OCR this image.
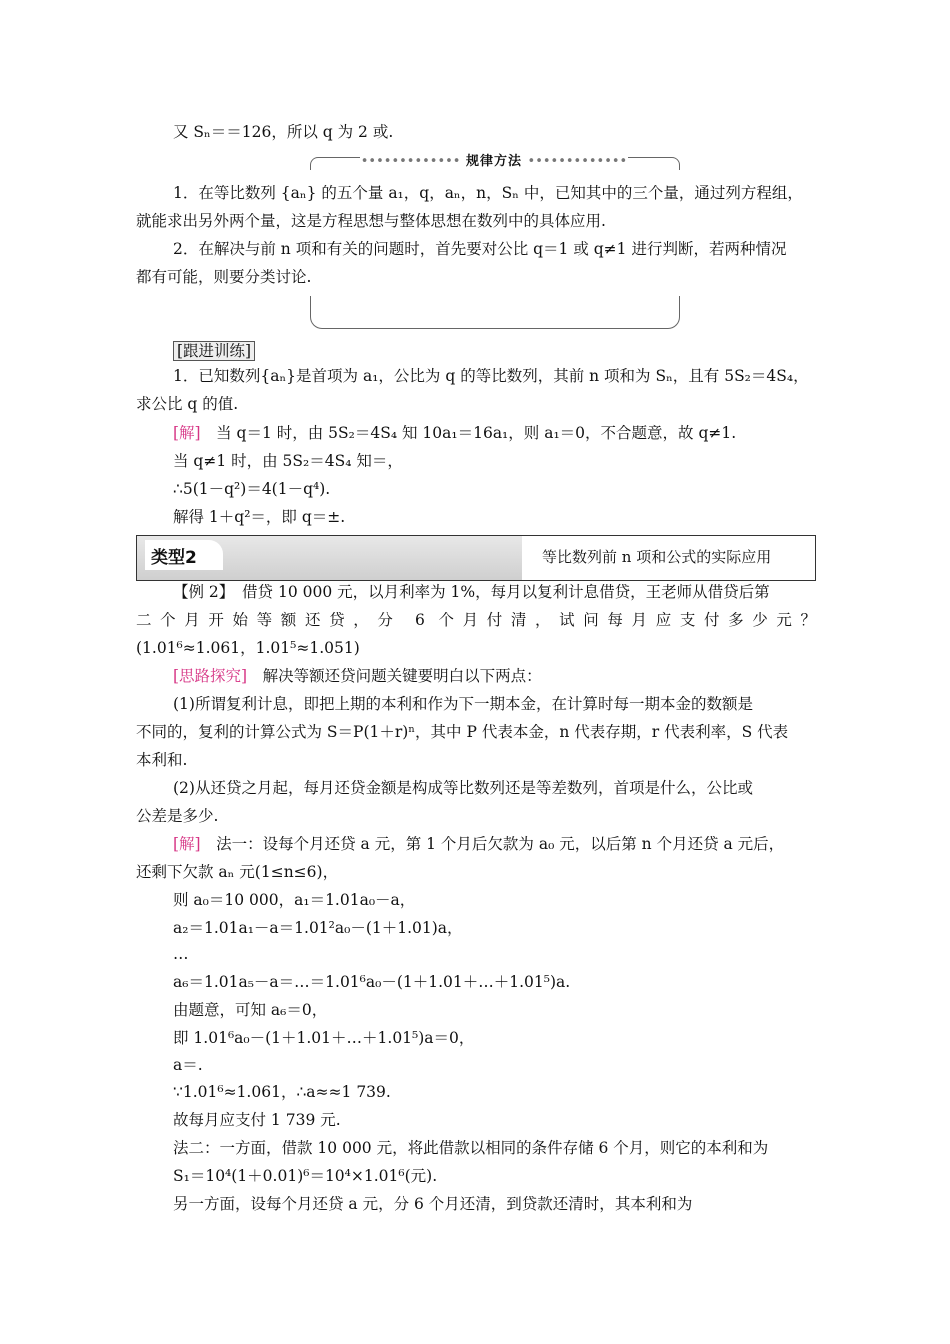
又 Sₙ＝＝126，所以 q 为 2 或.
••••••••••••• 规律方法 •••••••••••••
1．在等比数列 {aₙ} 的五个量 a₁，q，aₙ，n，Sₙ 中，已知其中的三个量，通过列方程组，
就能求出另外两个量，这是方程思想与整体思想在数列中的具体应用.
2．在解决与前 n 项和有关的问题时，首先要对公比 q＝1 或 q≠1 进行判断，若两种情况
都有可能，则要分类讨论.
[跟进训练]
1．已知数列{aₙ}是首项为 a₁，公比为 q 的等比数列，其前 n 项和为 Sₙ，且有 5S₂＝4S₄，
求公比 q 的值.
[解]　当 q＝1 时，由 5S₂＝4S₄ 知 10a₁＝16a₁，则 a₁＝0，不合题意，故 q≠1.
当 q≠1 时，由 5S₂＝4S₄ 知＝，
∴5(1－q²)＝4(1－q⁴).
解得 1＋q²＝，即 q＝±.
类型2	等比数列前 n 项和公式的实际应用
【例 2】　借贷 10 000 元，以月利率为 1%，每月以复利计息借贷，王老师从借贷后第
二个月开始等额还贷，分 6 个月付清，试问每月应支付多少元？
(1.01⁶≈1.061，1.01⁵≈1.051)
[思路探究]　解决等额还贷问题关键要明白以下两点：
(1)所谓复利计息，即把上期的本利和作为下一期本金，在计算时每一期本金的数额是
不同的，复利的计算公式为 S＝P(1＋r)ⁿ，其中 P 代表本金，n 代表存期，r 代表利率，S 代表
本利和.
(2)从还贷之月起，每月还贷金额是构成等比数列还是等差数列，首项是什么，公比或
公差是多少.
[解]　法一：设每个月还贷 a 元，第 1 个月后欠款为 a₀ 元，以后第 n 个月还贷 a 元后，
还剩下欠款 aₙ 元(1≤n≤6)，
则 a₀＝10 000，a₁＝1.01a₀－a，
a₂＝1.01a₁－a＝1.01²a₀－(1＋1.01)a，
…
a₆＝1.01a₅－a＝…＝1.01⁶a₀－(1＋1.01＋…＋1.01⁵)a.
由题意，可知 a₆＝0，
即 1.01⁶a₀－(1＋1.01＋…＋1.01⁵)a＝0，
a＝.
∵1.01⁶≈1.061，∴a≈≈1 739.
故每月应支付 1 739 元.
法二：一方面，借款 10 000 元，将此借款以相同的条件存储 6 个月，则它的本利和为
S₁＝10⁴(1＋0.01)⁶＝10⁴×1.01⁶(元).
另一方面，设每个月还贷 a 元，分 6 个月还清，到贷款还清时，其本利和为
